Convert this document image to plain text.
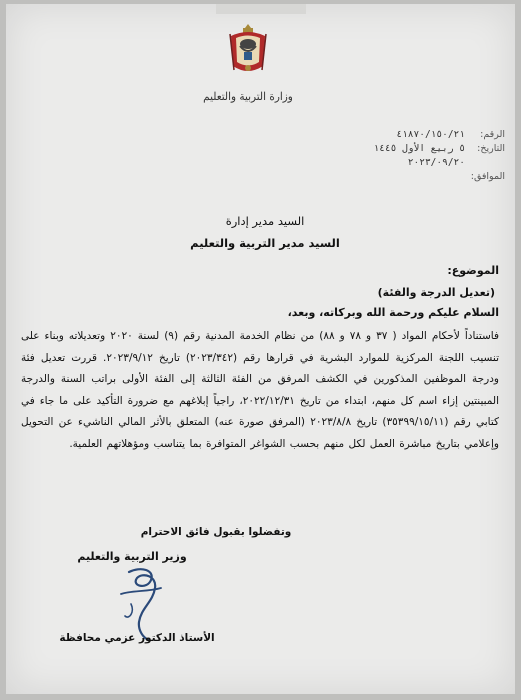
وزارة التربية والتعليم
الرقم:
٤١٨٧٠/١٥٠/٢١
التاريخ:
٥ ربيع الأول ١٤٤٥
٢٠٢٣/٠٩/٢٠
الموافق:
السيد مدير إدارة
السيد مدير التربية والتعليم
الموضوع:
(تعديل الدرجة والفئة)
السلام عليكم ورحمة الله وبركاته، وبعد،
فاستناداً لأحكام المواد ( ٣٧ و ٧٨ و ٨٨) من نظام الخدمة المدنية رقم (٩) لسنة ٢٠٢٠ وتعديلاته وبناء على تنسيب اللجنة المركزية للموارد البشرية في قرارها رقم (٢٠٢٣/٣٤٢) تاريخ ٢٠٢٣/٩/١٢. قررت تعديل فئة ودرجة الموظفين المذكورين في الكشف المرفق من الفئة الثالثة إلى الفئة الأولى براتب السنة والدرجة المبينتين إزاء اسم كل منهم، ابتداء من تاريخ ٢٠٢٢/١٢/٣١، راجياً إبلاغهم مع ضرورة التأكيد على ما جاء في كتابي رقم (٣٥٣٩٩/١٥/١١) تاريخ ٢٠٢٣/٨/٨ (المرفق صورة عنه) المتعلق بالأثر المالي الناشيء عن التحويل وإعلامي بتاريخ مباشرة العمل لكل منهم بحسب الشواغر المتوافرة بما يتناسب ومؤهلاتهم العلمية.
وتفضلوا بقبول فائق الاحترام
وزير التربية والتعليم
الأستاذ الدكتور عزمي محافظة
